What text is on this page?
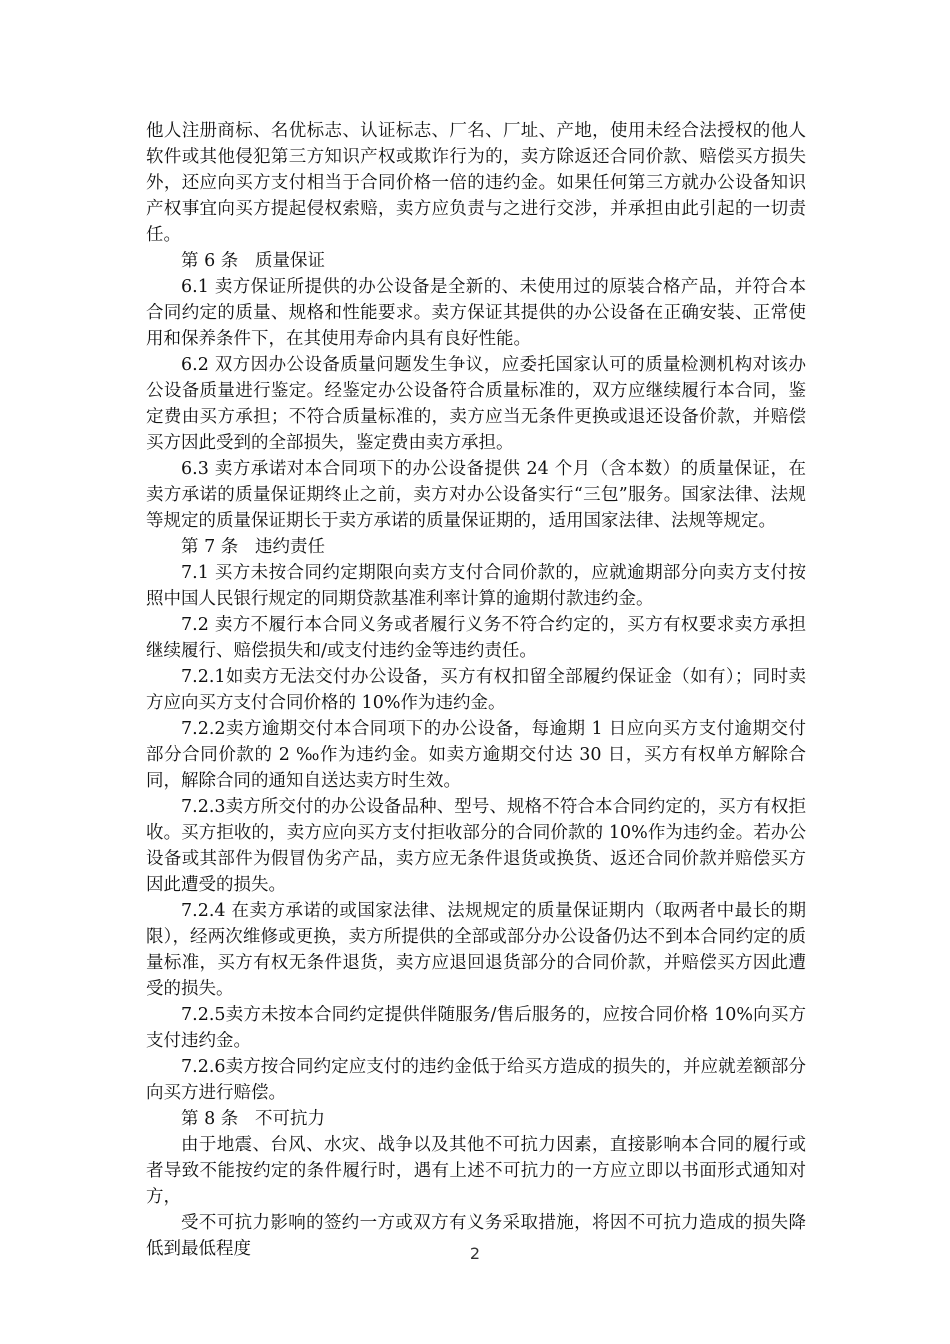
他人注册商标、名优标志、认证标志、厂名、厂址、产地，使用未经合法授权的他人软件或其他侵犯第三方知识产权或欺诈行为的，卖方除返还合同价款、赔偿买方损失外，还应向买方支付相当于合同价格一倍的违约金。如果任何第三方就办公设备知识产权事宜向买方提起侵权索赔，卖方应负责与之进行交涉，并承担由此引起的一切责任。

第 6 条   质量保证

6.1 卖方保证所提供的办公设备是全新的、未使用过的原装合格产品，并符合本合同约定的质量、规格和性能要求。卖方保证其提供的办公设备在正确安装、正常使用和保养条件下，在其使用寿命内具有良好性能。

6.2 双方因办公设备质量问题发生争议，应委托国家认可的质量检测机构对该办公设备质量进行鉴定。经鉴定办公设备符合质量标准的，双方应继续履行本合同，鉴定费由买方承担；不符合质量标准的，卖方应当无条件更换或退还设备价款，并赔偿买方因此受到的全部损失，鉴定费由卖方承担。

6.3 卖方承诺对本合同项下的办公设备提供 24 个月（含本数）的质量保证，在卖方承诺的质量保证期终止之前，卖方对办公设备实行“三包”服务。国家法律、法规等规定的质量保证期长于卖方承诺的质量保证期的，适用国家法律、法规等规定。

第 7 条   违约责任

7.1 买方未按合同约定期限向卖方支付合同价款的，应就逾期部分向卖方支付按照中国人民银行规定的同期贷款基准利率计算的逾期付款违约金。

7.2 卖方不履行本合同义务或者履行义务不符合约定的，买方有权要求卖方承担继续履行、赔偿损失和/或支付违约金等违约责任。

7.2.1如卖方无法交付办公设备，买方有权扣留全部履约保证金（如有）；同时卖方应向买方支付合同价格的 10%作为违约金。

7.2.2卖方逾期交付本合同项下的办公设备，每逾期 1 日应向买方支付逾期交付部分合同价款的 2 ‰作为违约金。如卖方逾期交付达 30 日，买方有权单方解除合同，解除合同的通知自送达卖方时生效。

7.2.3卖方所交付的办公设备品种、型号、规格不符合本合同约定的，买方有权拒收。买方拒收的，卖方应向买方支付拒收部分的合同价款的 10%作为违约金。若办公设备或其部件为假冒伪劣产品，卖方应无条件退货或换货、返还合同价款并赔偿买方因此遭受的损失。

7.2.4 在卖方承诺的或国家法律、法规规定的质量保证期内（取两者中最长的期限），经两次维修或更换，卖方所提供的全部或部分办公设备仍达不到本合同约定的质量标准，买方有权无条件退货，卖方应退回退货部分的合同价款，并赔偿买方因此遭受的损失。

7.2.5卖方未按本合同约定提供伴随服务/售后服务的，应按合同价格 10%向买方支付违约金。

7.2.6卖方按合同约定应支付的违约金低于给买方造成的损失的，并应就差额部分向买方进行赔偿。

第 8 条   不可抗力

由于地震、台风、水灾、战争以及其他不可抗力因素，直接影响本合同的履行或者导致不能按约定的条件履行时，遇有上述不可抗力的一方应立即以书面形式通知对方，

受不可抗力影响的签约一方或双方有义务采取措施，将因不可抗力造成的损失降低到最低程度	2
